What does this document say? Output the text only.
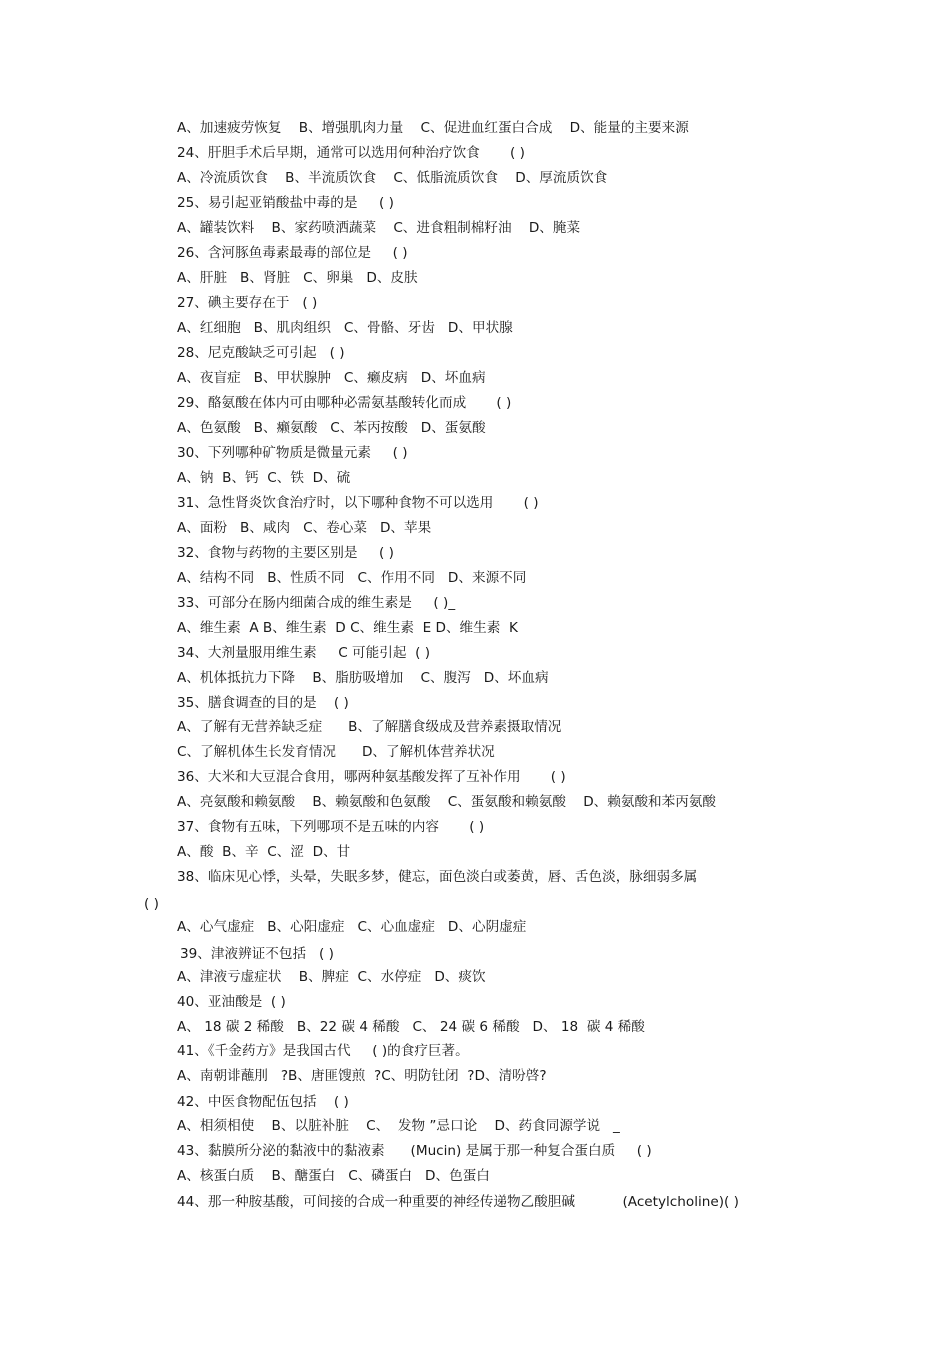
A、加速疲劳恢复    B、增强肌肉力量    C、促进血红蛋白合成    D、能量的主要来源
24、肝胆手术后早期，通常可以选用何种治疗饮食       ( )
A、冷流质饮食    B、半流质饮食    C、低脂流质饮食    D、厚流质饮食
25、易引起亚销酸盐中毒的是     ( )
A、罐装饮料    B、家药喷洒蔬菜    C、进食粗制棉籽油    D、腌菜
26、含河豚鱼毒素最毒的部位是     ( )
A、肝脏   B、肾脏   C、卵巢   D、皮肤
27、碘主要存在于   ( )
A、红细胞   B、肌肉组织   C、骨骼、牙齿   D、甲状腺
28、尼克酸缺乏可引起   ( )
A、夜盲症   B、甲状腺肿   C、癞皮病   D、坏血病
29、酪氨酸在体内可由哪种必需氨基酸转化而成       ( )
A、色氨酸   B、癞氨酸   C、苯丙按酸   D、蛋氨酸
30、下列哪种矿物质是微量元素     ( )
A、钠  B、钙  C、铁  D、硫
31、急性肾炎饮食治疗时，以下哪种食物不可以选用       ( )
A、面粉   B、咸肉   C、卷心菜   D、苹果
32、食物与药物的主要区别是     ( )
A、结构不同   B、性质不同   C、作用不同   D、来源不同
33、可部分在肠内细菌合成的维生素是     ( )_
A、维生素  A B、维生素  D C、维生素  E D、维生素  K
34、大剂量服用维生素     C 可能引起  ( )
A、机体抵抗力下降    B、脂肪吸增加    C、腹泻   D、坏血病
35、膳食调查的目的是    ( )
A、了解有无营养缺乏症      B、了解膳食级成及营养素摄取情况
C、了解机体生长发育情况      D、了解机体营养状况
36、大米和大豆混合食用，哪两种氨基酸发挥了互补作用       ( )
A、亮氨酸和赖氨酸    B、赖氨酸和色氨酸    C、蛋氨酸和赖氨酸    D、赖氨酸和苯丙氨酸
37、食物有五味，下列哪项不是五味的内容       ( )
A、酸  B、辛  C、涩  D、甘
38、临床见心悸，头晕，失眠多梦，健忘，面色淡白或萎黄，唇、舌色淡，脉细弱多属
( )
A、心气虚症   B、心阳虚症   C、心血虚症   D、心阴虚症
39、津液辨证不包括   ( )
A、津液亏虚症状    B、脾症  C、水停症   D、痰饮
40、亚油酸是  ( )
A、 18 碳 2 稀酸   B、22 碳 4 稀酸   C、 24 碳 6 稀酸   D、 18  碳 4 稀酸
41、《千金药方》是我国古代     ( )的食疗巨著。
A、南朝诽蘸刖   ?B、唐匪馊煎  ?C、明防钍闭  ?D、清吩啓?
42、中医食物配伍包括    ( )
A、相须相使    B、以脏补脏    C、  发物 ”忌口论    D、药食同源学说   _
43、黏膜所分泌的黏液中的黏液素      (Mucin) 是属于那一种复合蛋白质     ( )
A、核蛋白质    B、醣蛋白   C、磷蛋白   D、色蛋白
44、那一种胺基酸，可间接的合成一种重要的神经传递物乙酸胆碱           (Acetylcholine)( )
